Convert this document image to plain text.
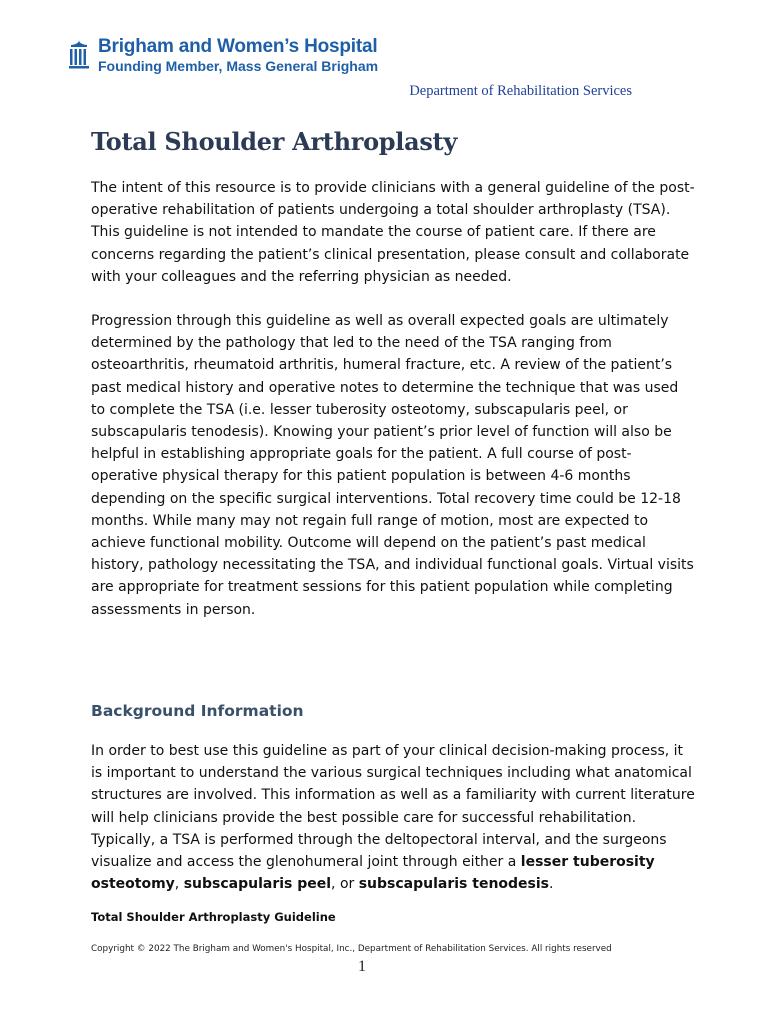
Brigham and Women’s Hospital
Founding Member, Mass General Brigham
Department of Rehabilitation Services
Total Shoulder Arthroplasty

The intent of this resource is to provide clinicians with a general guideline of the post-operative rehabilitation of patients undergoing a total shoulder arthroplasty (TSA). This guideline is not intended to mandate the course of patient care. If there are concerns regarding the patient’s clinical presentation, please consult and collaborate with your colleagues and the referring physician as needed.

Progression through this guideline as well as overall expected goals are ultimately determined by the pathology that led to the need of the TSA ranging from osteoarthritis, rheumatoid arthritis, humeral fracture, etc. A review of the patient’s past medical history and operative notes to determine the technique that was used to complete the TSA (i.e. lesser tuberosity osteotomy, subscapularis peel, or subscapularis tenodesis). Knowing your patient’s prior level of function will also be helpful in establishing appropriate goals for the patient. A full course of post-operative physical therapy for this patient population is between 4-6 months depending on the specific surgical interventions. Total recovery time could be 12-18 months. While many may not regain full range of motion, most are expected to achieve functional mobility. Outcome will depend on the patient’s past medical history, pathology necessitating the TSA, and individual functional goals. Virtual visits are appropriate for treatment sessions for this patient population while completing assessments in person.

Background Information

In order to best use this guideline as part of your clinical decision-making process, it is important to understand the various surgical techniques including what anatomical structures are involved. This information as well as a familiarity with current literature will help clinicians provide the best possible care for successful rehabilitation. Typically, a TSA is performed through the deltopectoral interval, and the surgeons visualize and access the glenohumeral joint through either a lesser tuberosity osteotomy, subscapularis peel, or subscapularis tenodesis.

Total Shoulder Arthroplasty Guideline
Copyright © 2022 The Brigham and Women's Hospital, Inc., Department of Rehabilitation Services. All rights reserved
1
